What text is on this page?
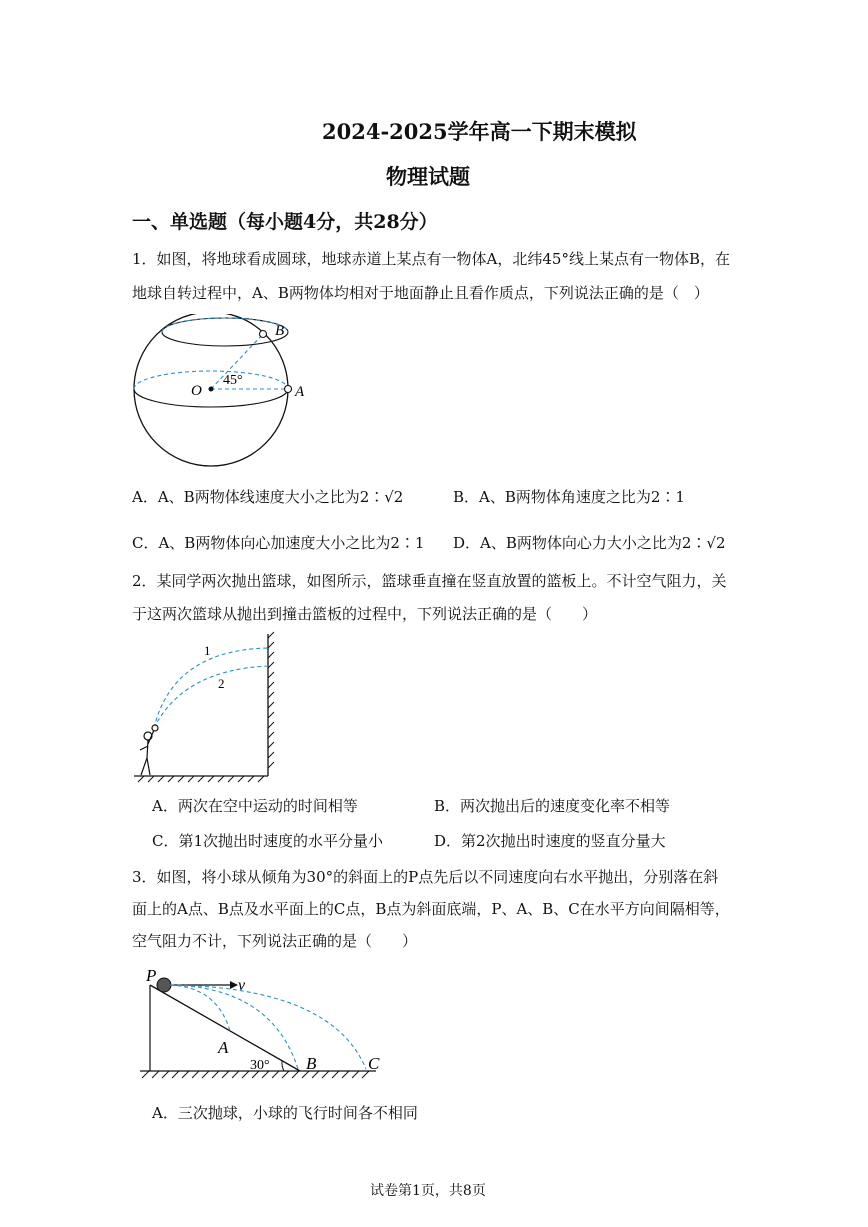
2024-2025学年高一下期末模拟
物理试题
一、单选题（每小题4分，共28分）
1．如图，将地球看成圆球，地球赤道上某点有一物体A，北纬45°线上某点有一物体B，在
地球自转过程中，A、B两物体均相对于地面静止且看作质点，下列说法正确的是（　）
O	A
B
45°
A．A、B两物体线速度大小之比为2∶√2	B．A、B两物体角速度之比为2∶1
C．A、B两物体向心加速度大小之比为2∶1 D．A、B两物体向心力大小之比为2∶√2
2．某同学两次抛出篮球，如图所示，篮球垂直撞在竖直放置的篮板上。不计空气阻力，关
于这两次篮球从抛出到撞击篮板的过程中，下列说法正确的是（　　）
1
2
A．两次在空中运动的时间相等	B．两次抛出后的速度变化率不相等
C．第1次抛出时速度的水平分量小	D．第2次抛出时速度的竖直分量大
3．如图，将小球从倾角为30°的斜面上的P点先后以不同速度向右水平抛出，分别落在斜
面上的A点、B点及水平面上的C点，B点为斜面底端，P、A、B、C在水平方向间隔相等，
空气阻力不计，下列说法正确的是（　　）
P
v
A
B	C
30°
A．三次抛球，小球的飞行时间各不相同
试卷第1页，共8页
